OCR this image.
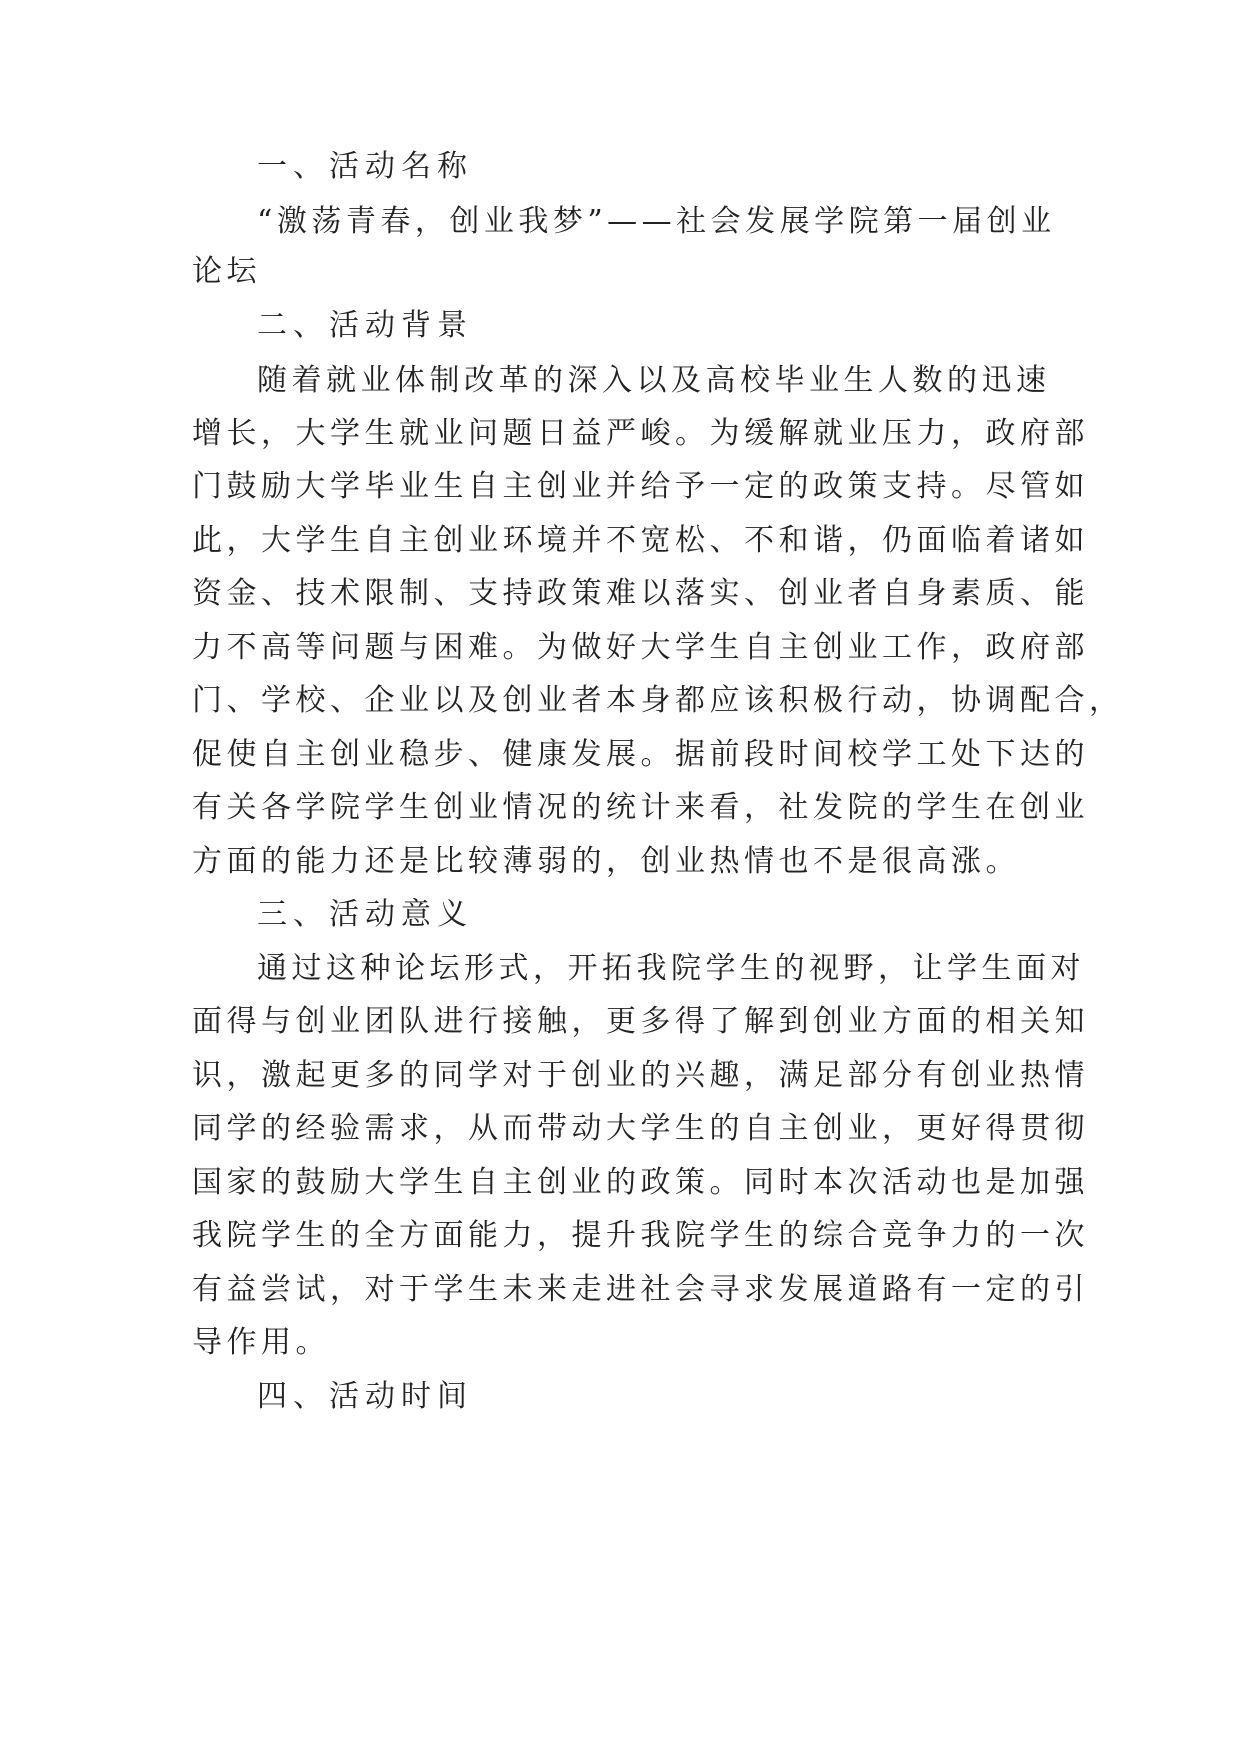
一、活动名称
“激荡青春，创业我梦”——社会发展学院第一届创业
论坛
二、活动背景
随着就业体制改革的深入以及高校毕业生人数的迅速
增长，大学生就业问题日益严峻。为缓解就业压力，政府部
门鼓励大学毕业生自主创业并给予一定的政策支持。尽管如
此，大学生自主创业环境并不宽松、不和谐，仍面临着诸如
资金、技术限制、支持政策难以落实、创业者自身素质、能
力不高等问题与困难。为做好大学生自主创业工作，政府部
门、学校、企业以及创业者本身都应该积极行动，协调配合，
促使自主创业稳步、健康发展。据前段时间校学工处下达的
有关各学院学生创业情况的统计来看，社发院的学生在创业
方面的能力还是比较薄弱的，创业热情也不是很高涨。
三、活动意义
通过这种论坛形式，开拓我院学生的视野，让学生面对
面得与创业团队进行接触，更多得了解到创业方面的相关知
识，激起更多的同学对于创业的兴趣，满足部分有创业热情
同学的经验需求，从而带动大学生的自主创业，更好得贯彻
国家的鼓励大学生自主创业的政策。同时本次活动也是加强
我院学生的全方面能力，提升我院学生的综合竞争力的一次
有益尝试，对于学生未来走进社会寻求发展道路有一定的引
导作用。
四、活动时间
